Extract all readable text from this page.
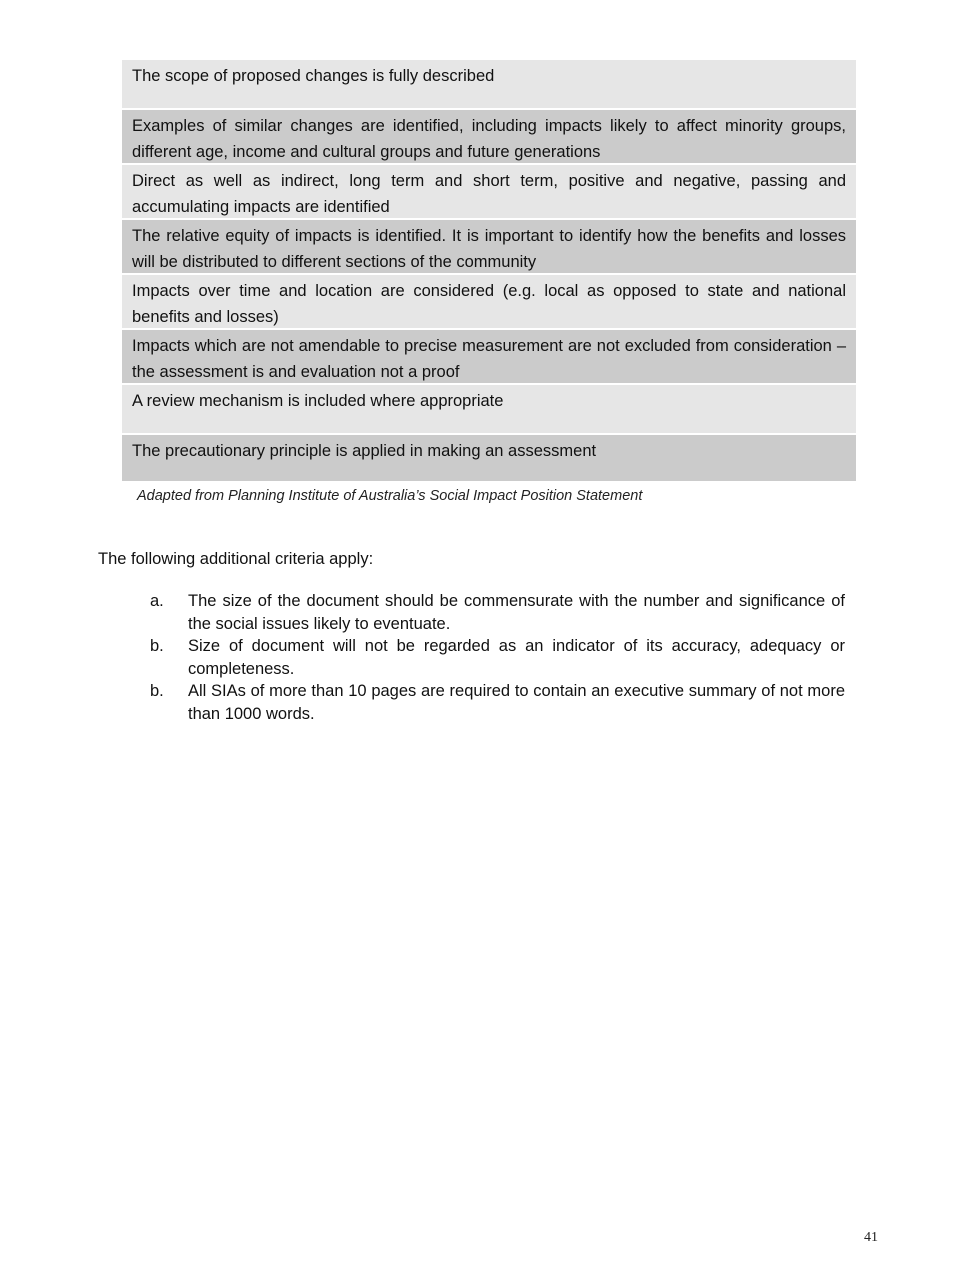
The scope of proposed changes is fully described
Examples of similar changes are identified, including impacts likely to affect minority groups, different age, income and cultural groups and future generations
Direct as well as indirect, long term and short term, positive and negative, passing and accumulating impacts are identified
The relative equity of impacts is identified. It is important to identify how the benefits and losses will be distributed to different sections of the community
Impacts over time and location are considered (e.g. local as opposed to state and national benefits and losses)
Impacts which are not amendable to precise measurement are not excluded from consideration – the assessment is and evaluation not a proof
A review mechanism is included where appropriate
The precautionary principle is applied in making an assessment
Adapted from Planning Institute of Australia’s Social Impact Position Statement
The following additional criteria apply:
a.	The size of the document should be commensurate with the number and significance of the social issues likely to eventuate.
b.	Size of document will not be regarded as an indicator of its accuracy, adequacy or completeness.
b.	All SIAs of more than 10 pages are required to contain an executive summary of not more than 1000 words.
41
